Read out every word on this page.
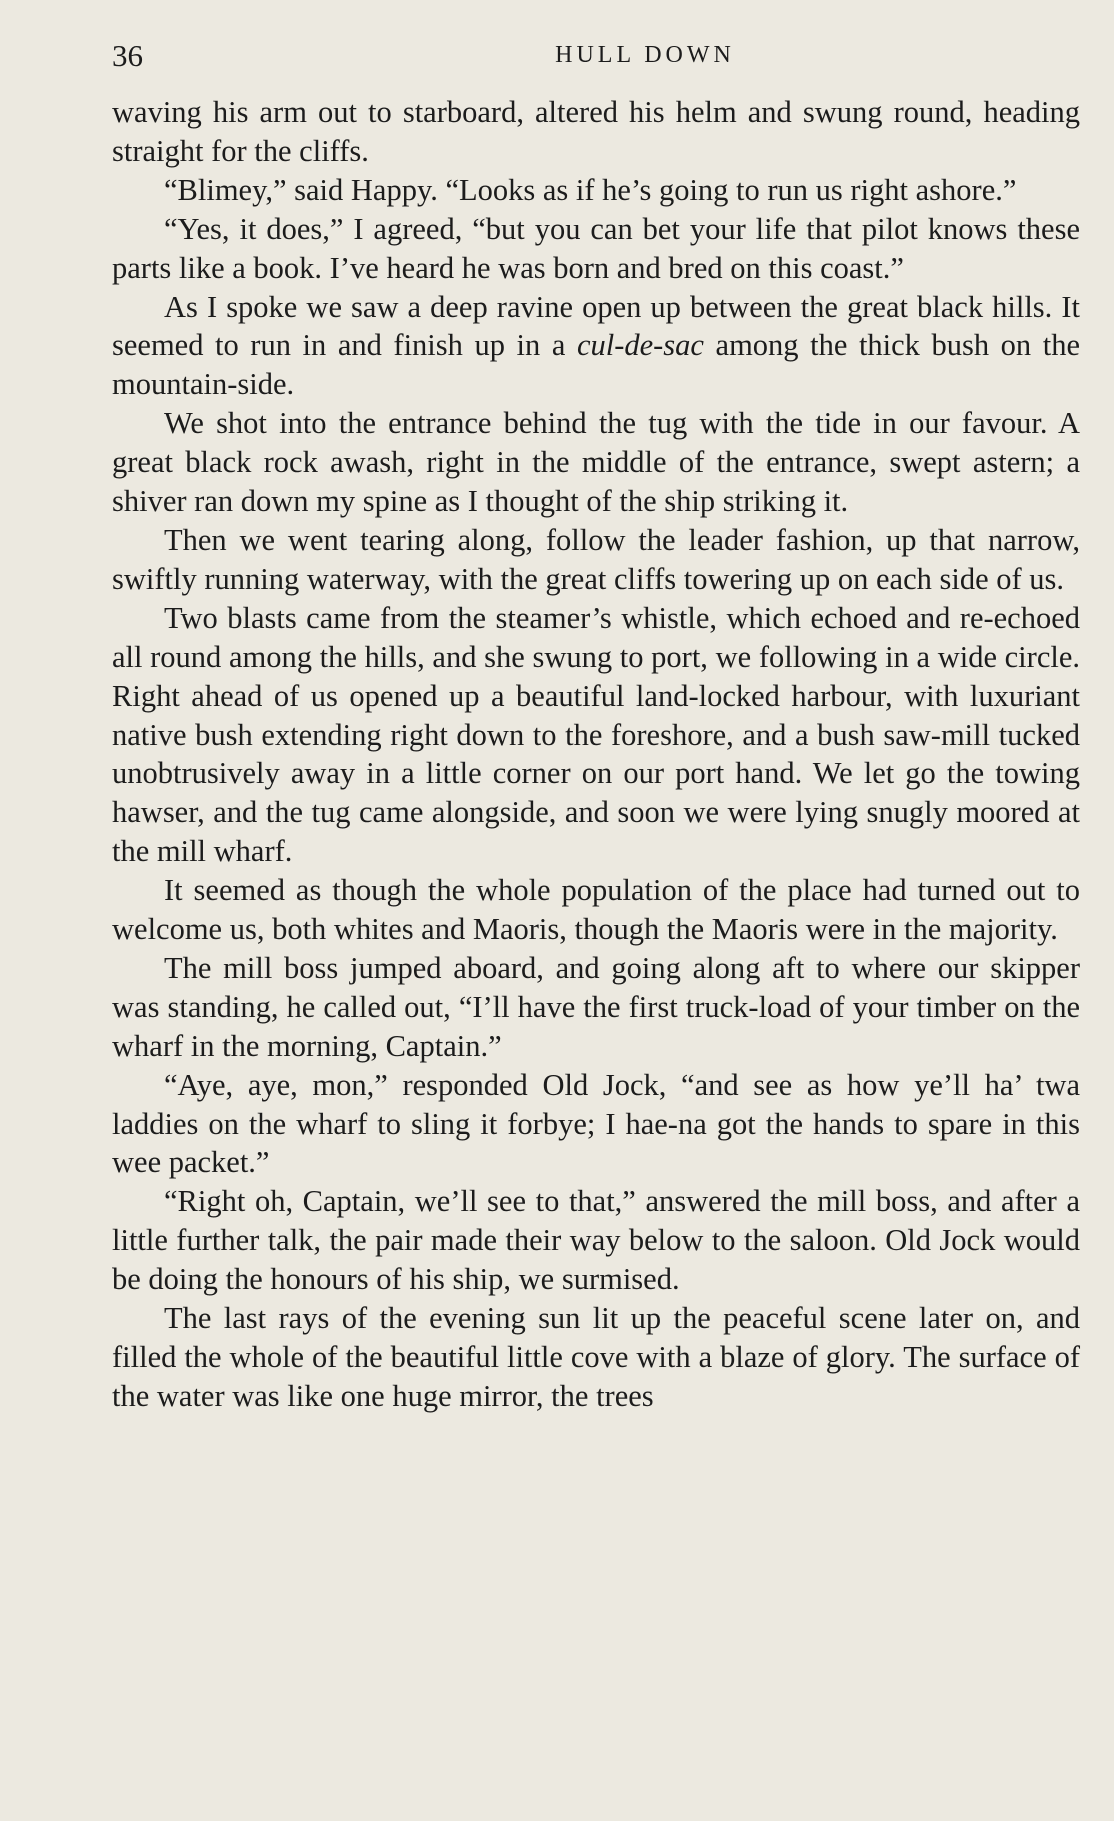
36	HULL DOWN

waving his arm out to starboard, altered his helm and swung round, heading straight for the cliffs.

“Blimey,” said Happy. “Looks as if he’s going to run us right ashore.”

“Yes, it does,” I agreed, “but you can bet your life that pilot knows these parts like a book. I’ve heard he was born and bred on this coast.”

As I spoke we saw a deep ravine open up between the great black hills. It seemed to run in and finish up in a cul-de-sac among the thick bush on the mountain-side.

We shot into the entrance behind the tug with the tide in our favour. A great black rock awash, right in the middle of the entrance, swept astern; a shiver ran down my spine as I thought of the ship striking it.

Then we went tearing along, follow the leader fashion, up that narrow, swiftly running waterway, with the great cliffs towering up on each side of us.

Two blasts came from the steamer’s whistle, which echoed and re-echoed all round among the hills, and she swung to port, we following in a wide circle. Right ahead of us opened up a beautiful land-locked harbour, with luxuriant native bush extending right down to the foreshore, and a bush saw-mill tucked unobtrusively away in a little corner on our port hand. We let go the towing hawser, and the tug came alongside, and soon we were lying snugly moored at the mill wharf.

It seemed as though the whole population of the place had turned out to welcome us, both whites and Maoris, though the Maoris were in the majority.

The mill boss jumped aboard, and going along aft to where our skipper was standing, he called out, “I’ll have the first truck-load of your timber on the wharf in the morning, Captain.”

“Aye, aye, mon,” responded Old Jock, “and see as how ye’ll ha’ twa laddies on the wharf to sling it forbye; I hae-na got the hands to spare in this wee packet.”

“Right oh, Captain, we’ll see to that,” answered the mill boss, and after a little further talk, the pair made their way below to the saloon. Old Jock would be doing the honours of his ship, we surmised.

The last rays of the evening sun lit up the peaceful scene later on, and filled the whole of the beautiful little cove with a blaze of glory. The surface of the water was like one huge mirror, the trees
